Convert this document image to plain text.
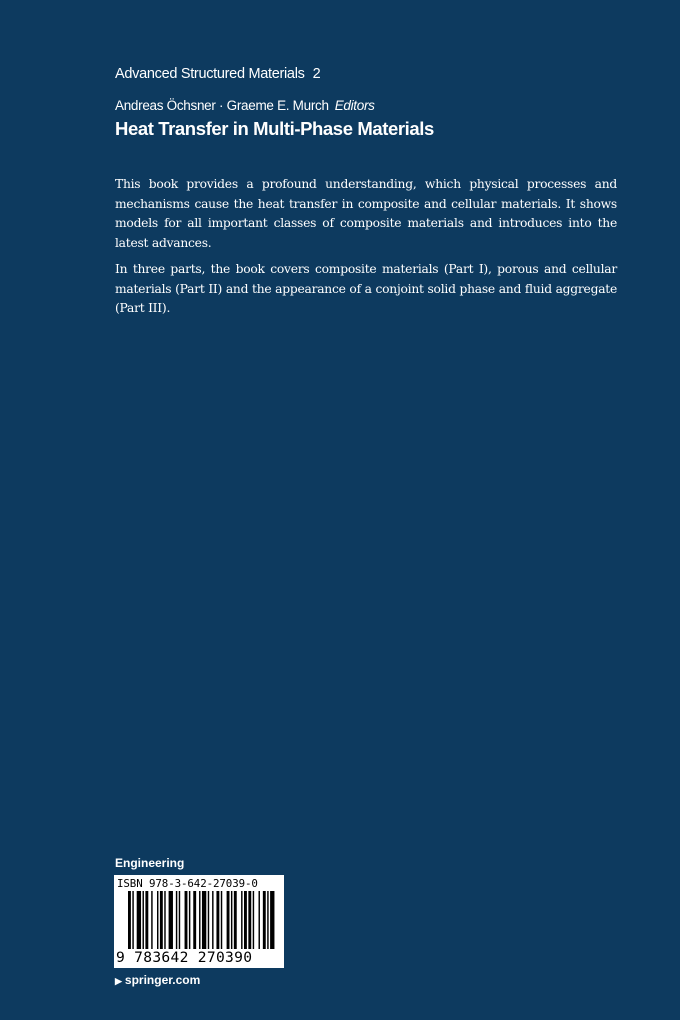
Advanced Structured Materials 2
Andreas Öchsner · Graeme E. Murch Editors
Heat Transfer in Multi-Phase Materials

This book provides a profound understanding, which physical processes and mechanisms cause the heat transfer in composite and cellular materials. It shows models for all important classes of composite materials and introduces into the latest advances.

In three parts, the book covers composite materials (Part I), porous and cellular materials (Part II) and the appearance of a conjoint solid phase and fluid aggregate (Part III).

Engineering
ISBN 978-3-642-27039-0
9 783642 270390
▶ springer.com
